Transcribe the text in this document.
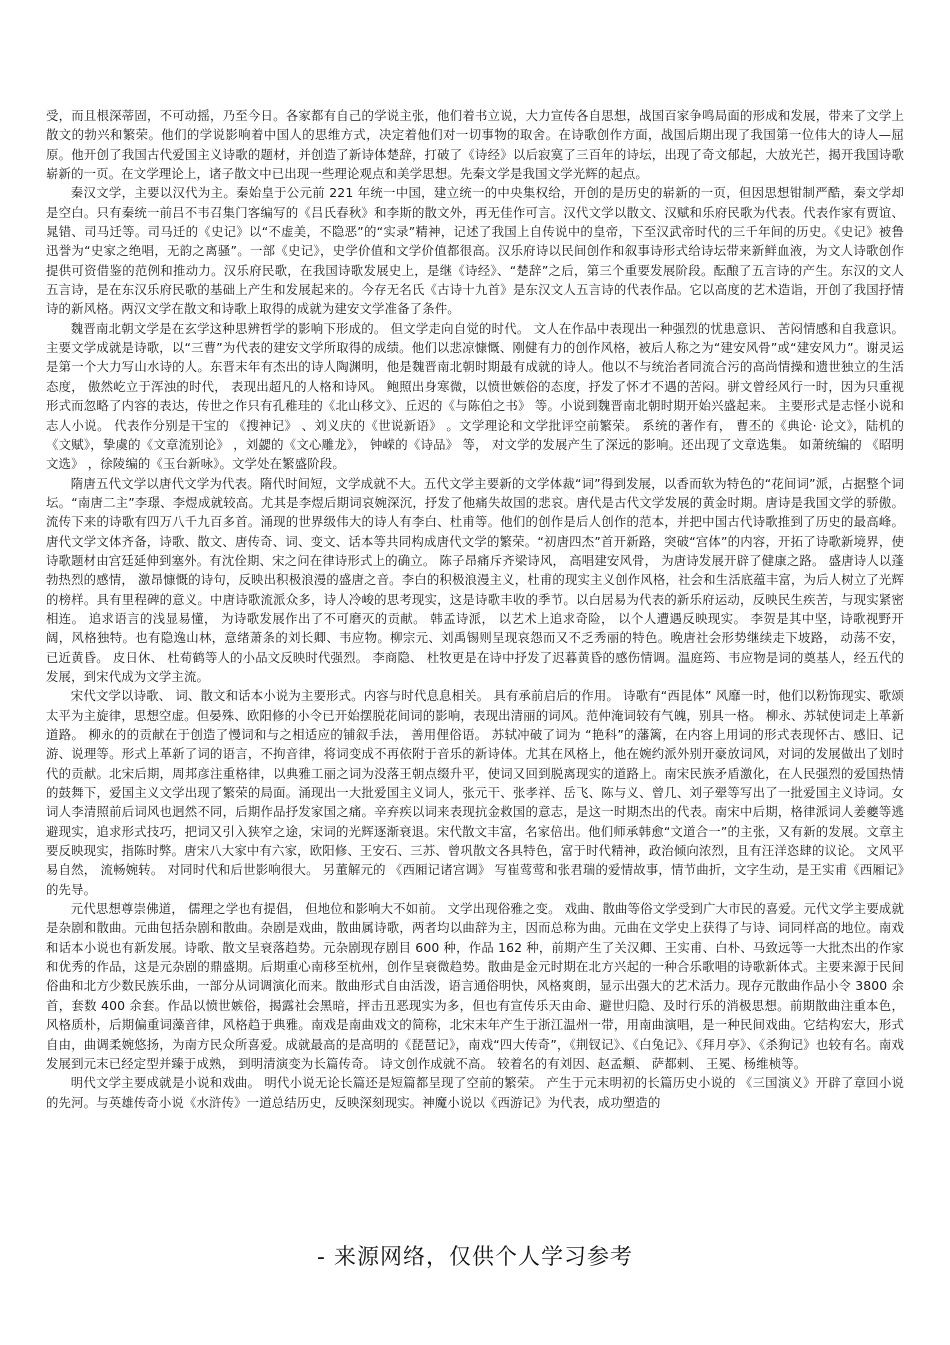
受，而且根深蒂固，不可动摇，乃至今日。各家都有自己的学说主张，他们着书立说，大力宣传各自思想，战国百家争鸣局面的形成和发展，带来了文学上散文的勃兴和繁荣。他们的学说影响着中国人的思维方式，决定着他们对一切事物的取舍。在诗歌创作方面，战国后期出现了我国第一位伟大的诗人—屈原。他开创了我国古代爱国主义诗歌的题材，并创造了新诗体楚辞，打破了《诗经》以后寂寞了三百年的诗坛，出现了奇文郁起，大放光芒，揭开我国诗歌崭新的一页。在文学理论上，诸子散文中已出现一些理论观点和美学思想。先秦文学是我国文学光辉的起点。

秦汉文学，主要以汉代为主。秦始皇于公元前 221 年统一中国，建立统一的中央集权给，开创的是历史的崭新的一页，但因思想钳制严酷，秦文学却是空白。只有秦统一前吕不韦召集门客编写的《吕氏春秋》和李斯的散文外，再无佳作可言。汉代文学以散文、汉赋和乐府民歌为代表。代表作家有贾谊、晁错、司马迁等。司马迁的《史记》以“不虚美，不隐恶”的“实录”精神，记述了我国上自传说中的皇帝，下至汉武帝时代的三千年间的历史。《史记》被鲁迅誉为“史家之绝唱，无韵之离骚”。一部《史记》，史学价值和文学价值都很高。汉乐府诗以民间创作和叙事诗形式给诗坛带来新鲜血液，为文人诗歌创作提供可资借鉴的范例和推动力。汉乐府民歌，在我国诗歌发展史上，是继《诗经》、“楚辞”之后，第三个重要发展阶段。酝酿了五言诗的产生。东汉的文人五言诗，是在东汉乐府民歌的基础上产生和发展起来的。今存无名氏《古诗十九首》是东汉文人五言诗的代表作品。它以高度的艺术造诣，开创了我国抒情诗的新风格。两汉文学在散文和诗歌上取得的成就为建安文学准备了条件。

魏晋南北朝文学是在玄学这种思辨哲学的影响下形成的。 但文学走向自觉的时代。 文人在作品中表现出一种强烈的忧患意识、 苦闷情感和自我意识。主要文学成就是诗歌，以“三曹”为代表的建安文学所取得的成绩。他们以悲凉慷慨、刚健有力的创作风格，被后人称之为“建安风骨”或“建安风力”。谢灵运是第一个大力写山水诗的人。东晋末年有杰出的诗人陶渊明，他是魏晋南北朝时期最有成就的诗人。他以不与统治者同流合污的高尚情操和遗世独立的生活态度， 傲然屹立于浑浊的时代， 表现出超凡的人格和诗风。 鲍照出身寒微，以愤世嫉俗的态度，抒发了怀才不遇的苦闷。骈文曾经风行一时，因为只重视形式而忽略了内容的表达，传世之作只有孔稚珪的《北山移文》、丘迟的《与陈伯之书》 等。小说到魏晋南北朝时期开始兴盛起来。 主要形式是志怪小说和志人小说。 代表作分别是干宝的 《搜神记》 、刘义庆的《世说新语》 。文学理论和文学批评空前繁荣。 系统的著作有， 曹丕的《典论· 论文》，陆机的《文赋》，挚虞的《文章流别论》 ，刘勰的《文心雕龙》， 钟嵘的《诗品》 等， 对文学的发展产生了深远的影响。还出现了文章选集。 如萧统编的 《昭明文选》 ，徐陵编的《玉台新咏》。文学处在繁盛阶段。

隋唐五代文学以唐代文学为代表。隋代时间短，文学成就不大。五代文学主要新的文学体裁“词”得到发展，以香而软为特色的“花间词”派，占据整个词坛。“南唐二主”李璟、李煜成就较高。尤其是李煜后期词哀婉深沉，抒发了他痛失故国的悲哀。唐代是古代文学发展的黄金时期。唐诗是我国文学的骄傲。流传下来的诗歌有四万八千九百多首。涌现的世界级伟大的诗人有李白、杜甫等。他们的创作是后人创作的范本，并把中国古代诗歌推到了历史的最高峰。唐代文学文体齐备，诗歌、散文、唐传奇、词、变文、话本等共同构成唐代文学的繁荣。“初唐四杰”首开新路，突破“宫体”的内容，开拓了诗歌新境界，使诗歌题材由宫廷延伸到塞外。有沈佺期、宋之问在律诗形式上的确立。 陈子昂痛斥齐梁诗风， 高唱建安风骨， 为唐诗发展开辟了健康之路。 盛唐诗人以蓬勃热烈的感情， 激昂慷慨的诗句，反映出积极浪漫的盛唐之音。李白的积极浪漫主义，杜甫的现实主义创作风格，社会和生活底蕴丰富，为后人树立了光辉的榜样。具有里程碑的意义。中唐诗歌流派众多，诗人冷峻的思考现实，这是诗歌丰收的季节。以白居易为代表的新乐府运动，反映民生疾苦，与现实紧密相连。 追求语言的浅显易懂， 为诗歌发展作出了不可磨灭的贡献。 韩孟诗派， 以艺术上追求奇险， 以个人遭遇反映现实。 李贺是其中坚，诗歌视野开阔，风格独特。也有隐逸山林，意绪萧条的刘长卿、韦应物。柳宗元、刘禹锡则呈现哀怨而又不乏秀丽的特色。晚唐社会形势继续走下坡路， 动荡不安， 已近黄昏。 皮日休、 杜荀鹤等人的小品文反映时代强烈。 李商隐、 杜牧更是在诗中抒发了迟暮黄昏的感伤情调。温庭筠、韦应物是词的奠基人，经五代的发展，到宋代成为文学主流。

宋代文学以诗歌、 词、散文和话本小说为主要形式。内容与时代息息相关。 具有承前启后的作用。 诗歌有“西昆体” 风靡一时，他们以粉饰现实、歌颂太平为主旋律，思想空虚。但晏殊、欧阳修的小令已开始摆脱花间词的影响，表现出清丽的词风。范仲淹词较有气魄，别具一格。 柳永、苏轼使词走上革新道路。 柳永的的贡献在于创造了慢词和与之相适应的铺叙手法， 善用俚俗语。 苏轼冲破了词为 “艳科”的藩篱，在内容上用词的形式表现怀古、感旧、记游、说理等。形式上革新了词的语言，不拘音律，将词变成不再依附于音乐的新诗体。尤其在风格上，他在婉约派外别开豪放词风，对词的发展做出了划时代的贡献。北宋后期，周邦彦注重格律，以典雅工丽之词为没落王朝点缀升平，使词又回到脱离现实的道路上。南宋民族矛盾激化，在人民强烈的爱国热情的鼓舞下，爱国主义文学出现了繁荣的局面。涌现出一大批爱国主义词人，张元干、张孝祥、岳飞、陈与义、曾几、刘子翚等写出了一批爱国主义诗词。女词人李清照前后词风也迥然不同，后期作品抒发家国之痛。辛弃疾以词来表现抗金救国的意志，是这一时期杰出的代表。南宋中后期，格律派词人姜夔等逃避现实，追求形式技巧，把词又引入狭窄之途，宋词的光辉逐渐衰退。宋代散文丰富，名家倍出。他们师承韩愈“文道合一”的主张，又有新的发展。文章主要反映现实，指陈时弊。唐宋八大家中有六家，欧阳修、王安石、三苏、曾巩散文各具特色，富于时代精神，政治倾向浓烈，且有汪洋恣肆的议论。 文风平易自然， 流畅婉转。 对同时代和后世影响很大。 另董解元的 《西厢记诸宫调》 写崔莺莺和张君瑞的爱情故事，情节曲折，文字生动，是王实甫《西厢记》的先导。

元代思想尊崇佛道， 儒理之学也有提倡， 但地位和影响大不如前。 文学出现俗雅之变。 戏曲、散曲等俗文学受到广大市民的喜爱。元代文学主要成就是杂剧和散曲。元曲包括杂剧和散曲。杂剧是戏曲，散曲属诗歌，两者均以曲辞为主，因而总称为曲。元曲在文学史上获得了与诗、词同样高的地位。南戏和话本小说也有新发展。诗歌、散文呈衰落趋势。元杂剧现存剧目 600 种，作品 162 种，前期产生了关汉卿、王实甫、白朴、马致远等一大批杰出的作家和优秀的作品，这是元杂剧的鼎盛期。后期重心南移至杭州，创作呈衰微趋势。散曲是金元时期在北方兴起的一种合乐歌唱的诗歌新体式。主要来源于民间俗曲和北方少数民族乐曲，一部分从词调演化而来。散曲形式自由活泼，语言通俗明快，风格爽朗，显示出强大的艺术活力。现存元散曲作品小令 3800 余首，套数 400 余套。作品以愤世嫉俗，揭露社会黑暗，抨击丑恶现实为多，但也有宣传乐天由命、避世归隐、及时行乐的消极思想。前期散曲注重本色，风格质朴，后期偏重词藻音律，风格趋于典雅。南戏是南曲戏文的简称，北宋末年产生于浙江温州一带，用南曲演唱，是一种民间戏曲。它结构宏大，形式自由，曲调柔婉悠扬，为南方民众所喜爱。成就最高的是高明的《琵琶记》，南戏“四大传奇”，《荆钗记》、《白兔记》、《拜月亭》、《杀狗记》也较有名。南戏发展到元末已经定型并臻于成熟， 到明清演变为长篇传奇。 诗文创作成就不高。 较着名的有刘因、赵孟頫、 萨都剌、 王冕、杨维桢等。

明代文学主要成就是小说和戏曲。 明代小说无论长篇还是短篇都呈现了空前的繁荣。 产生于元末明初的长篇历史小说的 《三国演义》开辟了章回小说的先河。与英雄传奇小说《水浒传》一道总结历史，反映深刻现实。神魔小说以《西游记》为代表，成功塑造的

- 来源网络，仅供个人学习参考
